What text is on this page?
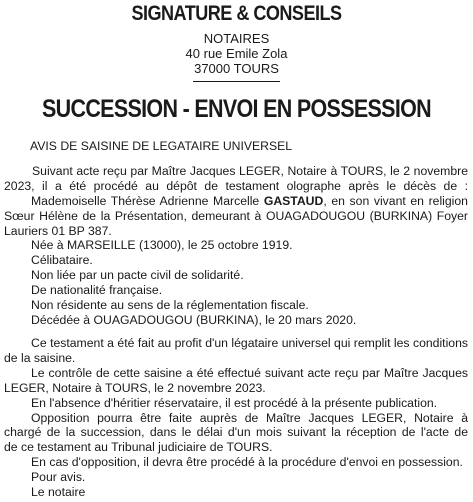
SIGNATURE & CONSEILS
NOTAIRES
40 rue Emile Zola
37000 TOURS
SUCCESSION - ENVOI EN POSSESSION
AVIS DE SAISINE DE LEGATAIRE UNIVERSEL
Suivant acte reçu par Maître Jacques LEGER, Notaire à TOURS, le 2 novembre
2023, il a été procédé au dépôt de testament olographe après le décès de :
Mademoiselle Thérèse Adrienne Marcelle GASTAUD, en son vivant en religion
Sœur Hélène de la Présentation, demeurant à OUAGADOUGOU (BURKINA) Foyer
Lauriers 01 BP 387.
Née à MARSEILLE (13000), le 25 octobre 1919.
Célibataire.
Non liée par un pacte civil de solidarité.
De nationalité française.
Non résidente au sens de la réglementation fiscale.
Décédée à OUAGADOUGOU (BURKINA), le 20 mars 2020.
Ce testament a été fait au profit d'un légataire universel qui remplit les conditions
de la saisine.
Le contrôle de cette saisine a été effectué suivant acte reçu par Maître Jacques
LEGER, Notaire à TOURS, le 2 novembre 2023.
En l'absence d'héritier réservataire, il est procédé à la présente publication.
Opposition pourra être faite auprès de Maître Jacques LEGER, Notaire à
chargé de la succession, dans le délai d'un mois suivant la réception de l'acte de
de ce testament au Tribunal judiciaire de TOURS.
En cas d'opposition, il devra être procédé à la procédure d'envoi en possession.
Pour avis.
Le notaire
